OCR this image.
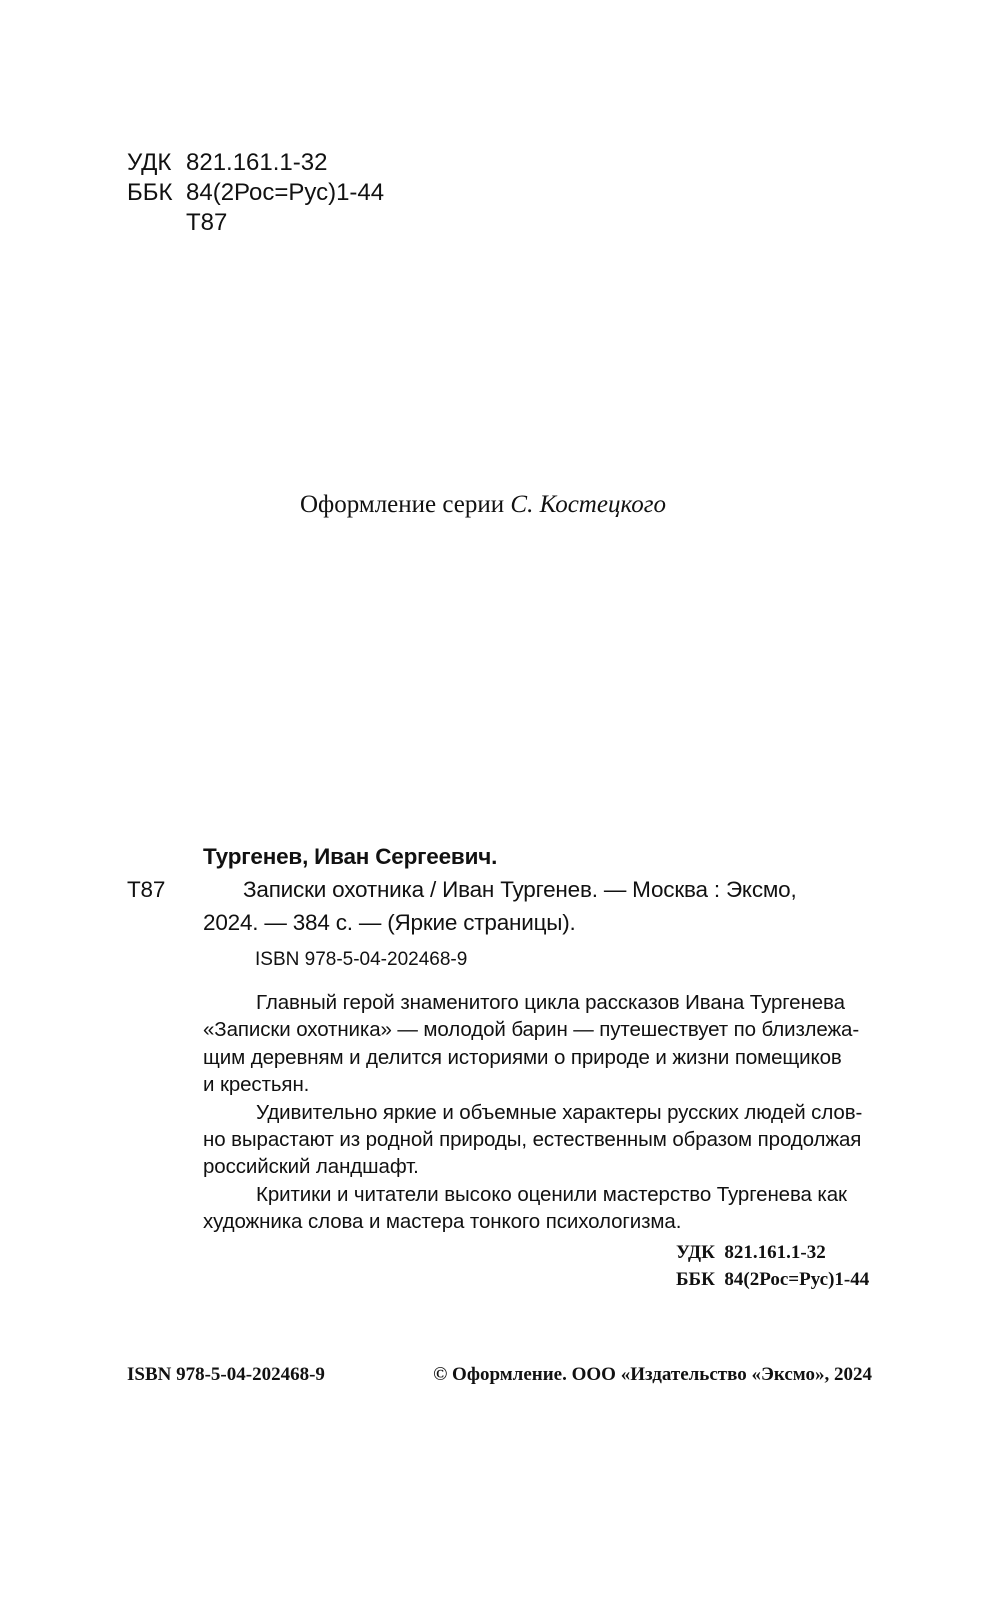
УДК 821.161.1-32
ББК 84(2Рос=Рус)1-44
Т87
Оформление серии С. Костецкого
Тургенев, Иван Сергеевич.
Т87	Записки охотника / Иван Тургенев. — Москва : Эксмо,
2024. — 384 с. — (Яркие страницы).
ISBN 978-5-04-202468-9

Главный герой знаменитого цикла рассказов Ивана Тургенева
«Записки охотника» — молодой барин — путешествует по близлежа-
щим деревням и делится историями о природе и жизни помещиков
и крестьян.

Удивительно яркие и объемные характеры русских людей слов-
но вырастают из родной природы, естественным образом продолжая
российский ландшафт.

Критики и читатели высоко оценили мастерство Тургенева как
художника слова и мастера тонкого психологизма.

УДК  821.161.1-32
ББК  84(2Рос=Рус)1-44
ISBN 978-5-04-202468-9	© Оформление. ООО «Издательство «Эксмо», 2024
